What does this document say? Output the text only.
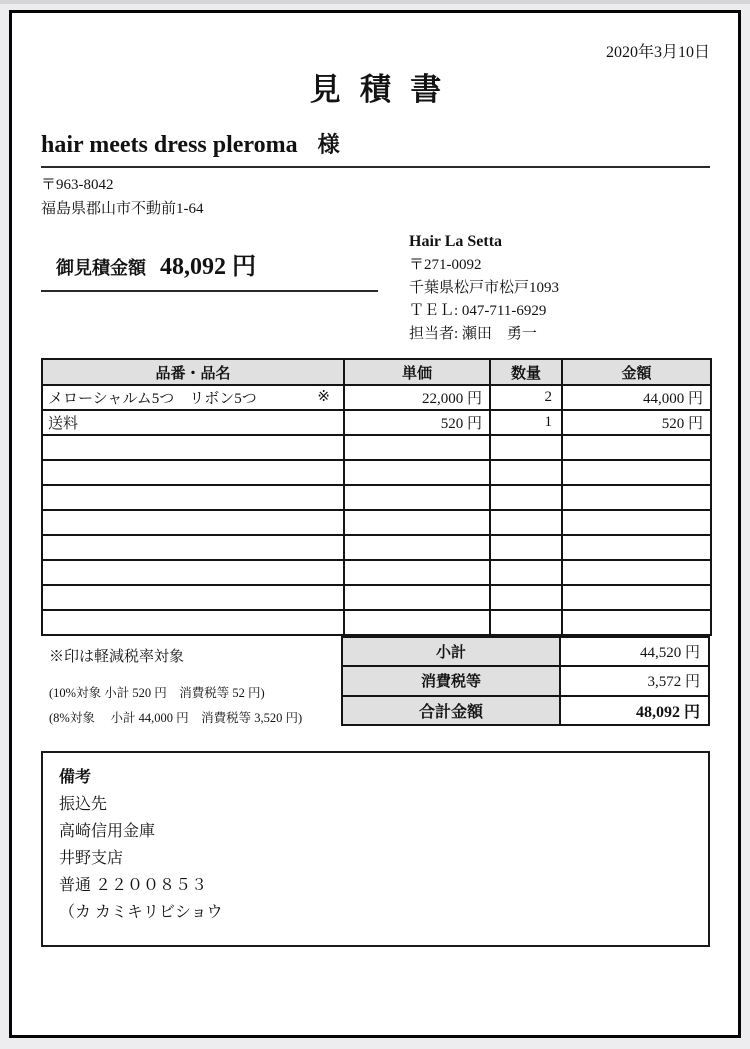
2020年3月10日
見積書
hair meets dress pleroma 様
〒963-8042
福島県郡山市不動前1-64
御見積金額 48,092 円
Hair La Setta
〒271-0092
千葉県松戸市松戸1093
ＴＥＬ: 047-711-6929
担当者: 瀬田　勇一
品番・品名	単価	数量	金額
メローシャルム5つ　リボン5つ ※	22,000 円	2	44,000 円
送料	520 円	1	520 円

※印は軽減税率対象
(10%対象 小計 520 円　消費税等 52 円)
(8%対象　 小計 44,000 円　消費税等 3,520 円)
小計	44,520 円
消費税等	3,572 円
合計金額	48,092 円
備考
振込先
高崎信用金庫
井野支店
普通 ２２００８５３
（カ カミキリビショウ
